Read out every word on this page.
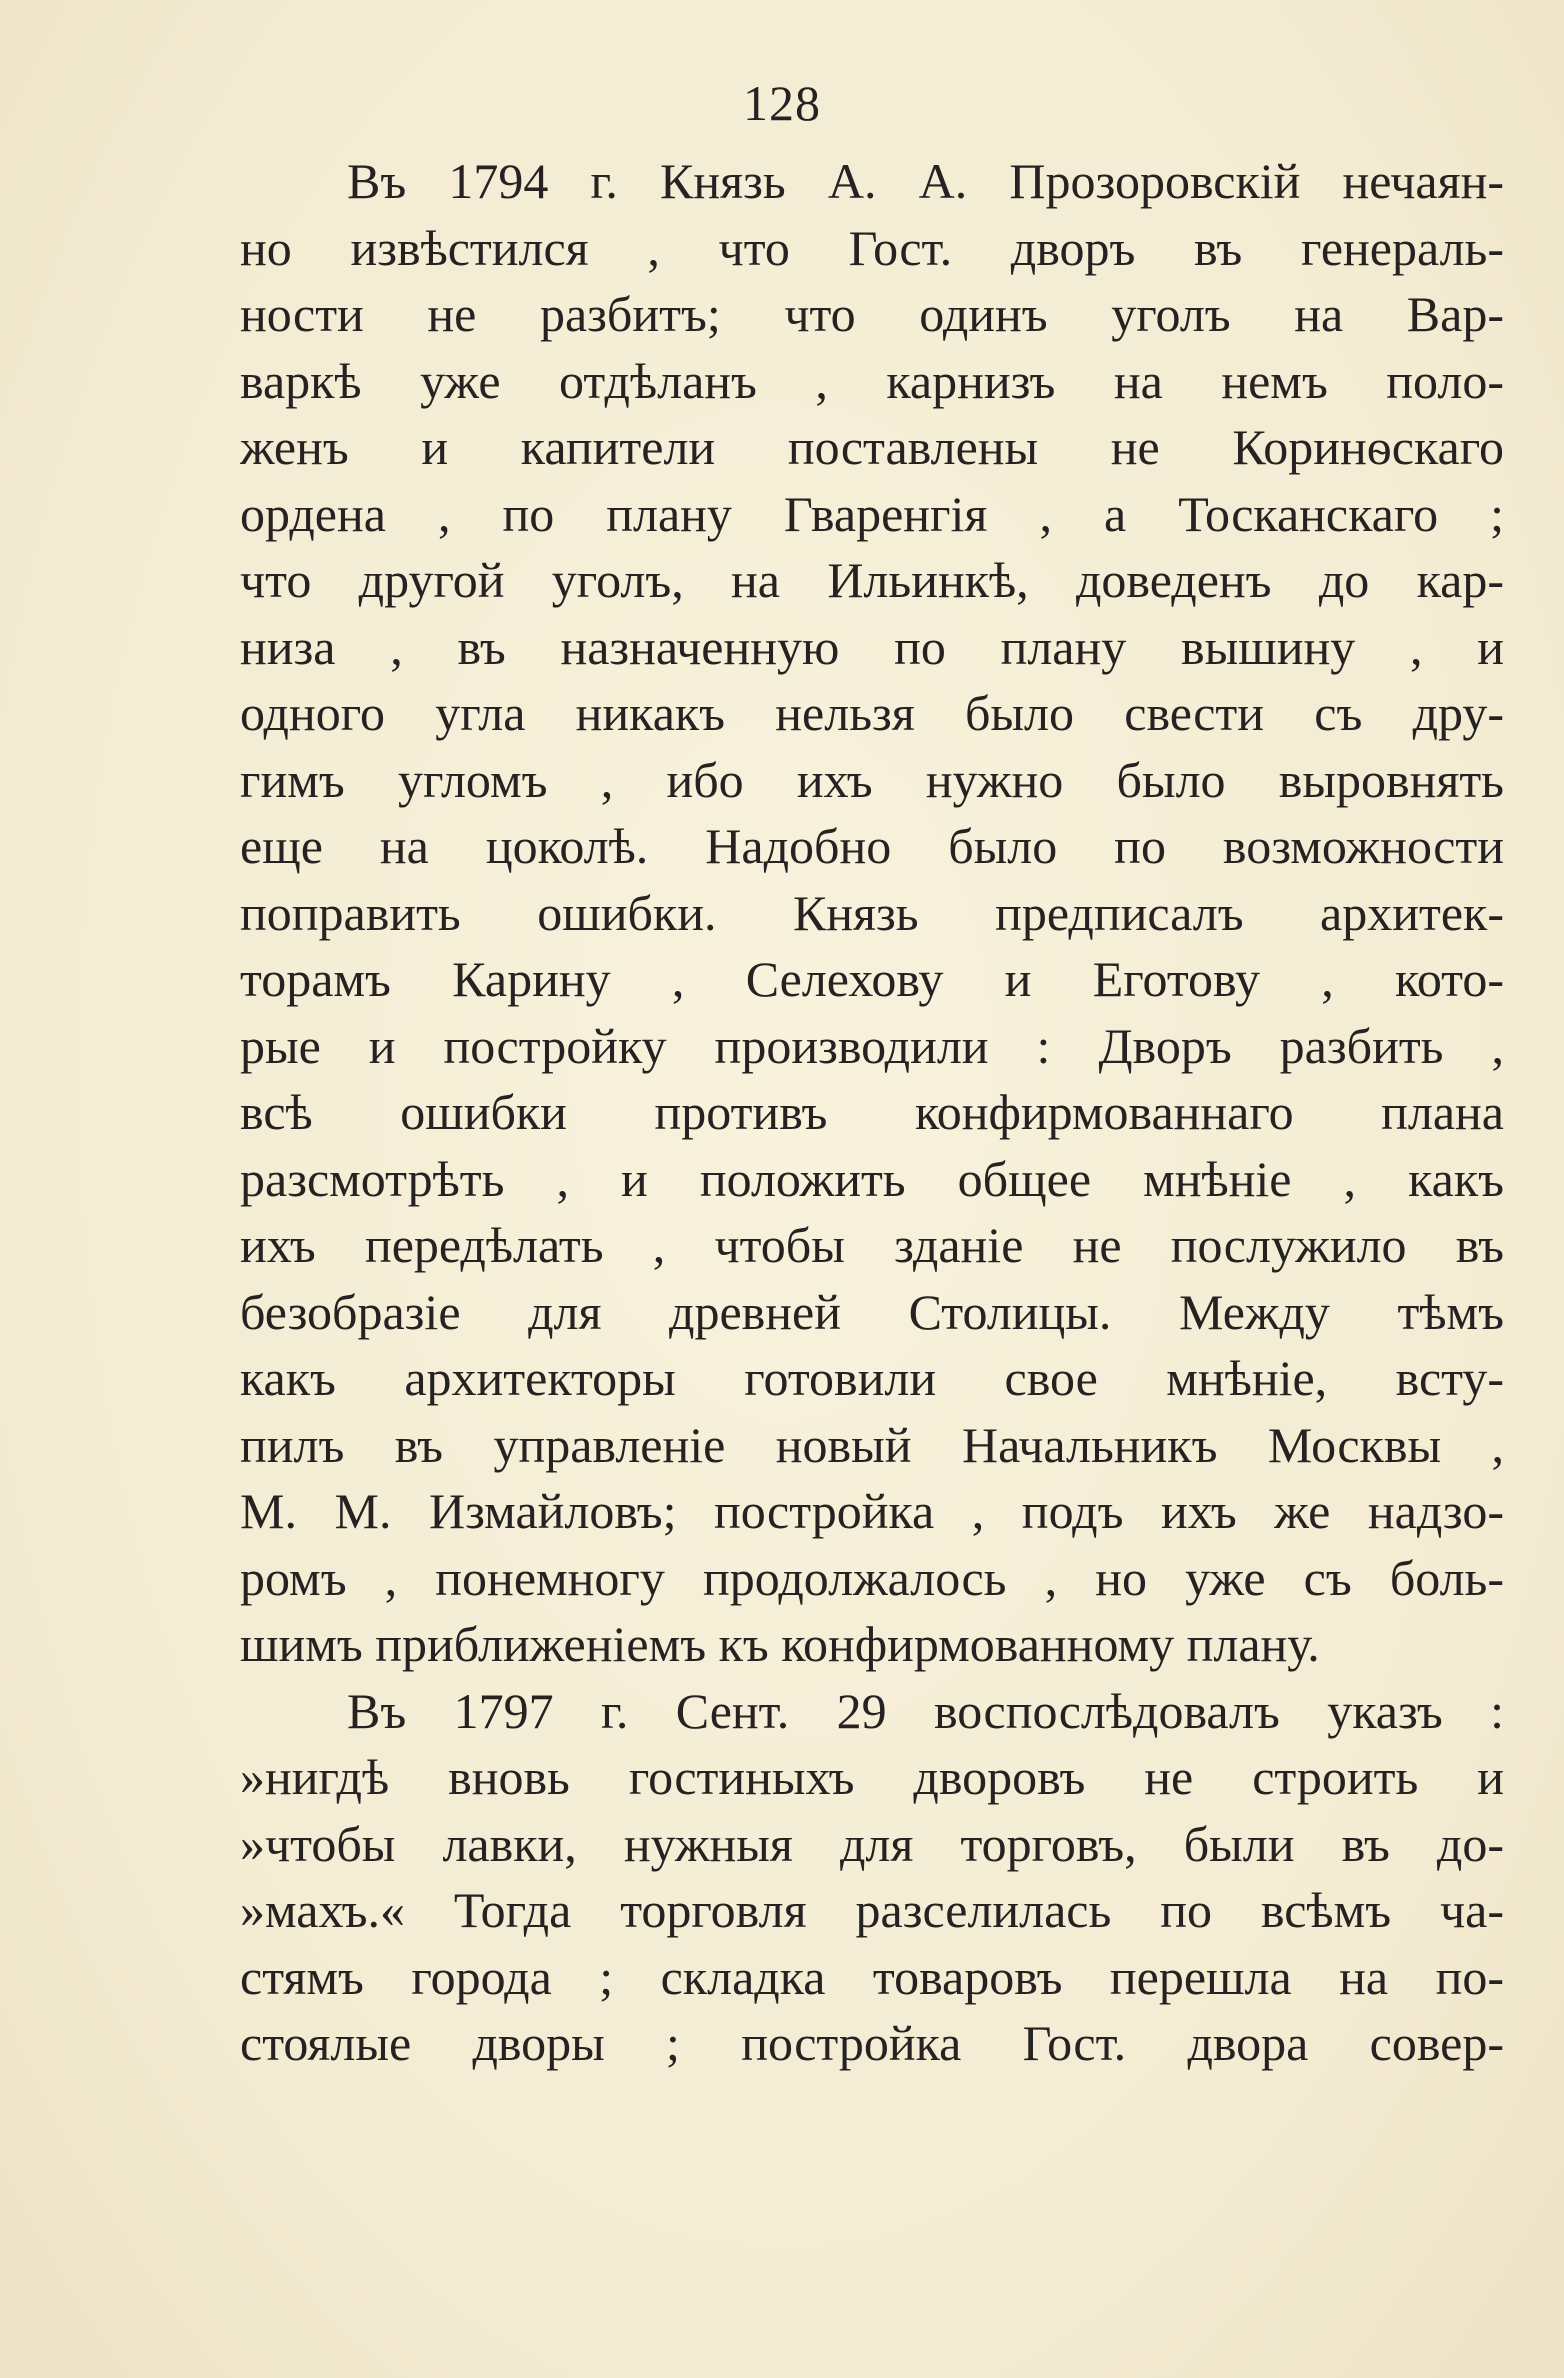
128
Въ 1794 г. Князь А. А. Прозоровскій нечаян-
но извѣстился , что Гост. дворъ въ генераль-
ности не разбитъ; что одинъ уголъ на Вар-
варкѣ уже отдѣланъ , карнизъ на немъ поло-
женъ и капители поставлены не Коринѳскаго
ордена , по плану Гваренгія , а Тосканскаго ;
что другой уголъ, на Ильинкѣ, доведенъ до кар-
низа , въ назначенную по плану вышину , и
одного угла никакъ нельзя было свести съ дру-
гимъ угломъ , ибо ихъ нужно было выровнять
еще на цоколѣ. Надобно было по возможности
поправить ошибки. Князь предписалъ архитек-
торамъ Карину , Селехову и Еготову , кото-
рые и постройку производили : Дворъ разбить ,
всѣ ошибки противъ конфирмованнаго плана
разсмотрѣть , и положить общее мнѣніе , какъ
ихъ передѣлать , чтобы зданіе не послужило въ
безобразіе для древней Столицы. Между тѣмъ
какъ архитекторы готовили свое мнѣніе, всту-
пилъ въ управленіе новый Начальникъ Москвы ,
М. М. Измайловъ; постройка , подъ ихъ же надзо-
ромъ , понемногу продолжалось , но уже съ боль-
шимъ приближеніемъ къ конфирмованному плану.
Въ 1797 г. Сент. 29 воспослѣдовалъ указъ :
»нигдѣ вновь гостиныхъ дворовъ не строить и
»чтобы лавки, нужныя для торговъ, были въ до-
»махъ.« Тогда торговля разселилась по всѣмъ ча-
стямъ города ; складка товаровъ перешла на по-
стоялые дворы ; постройка Гост. двора совер-
